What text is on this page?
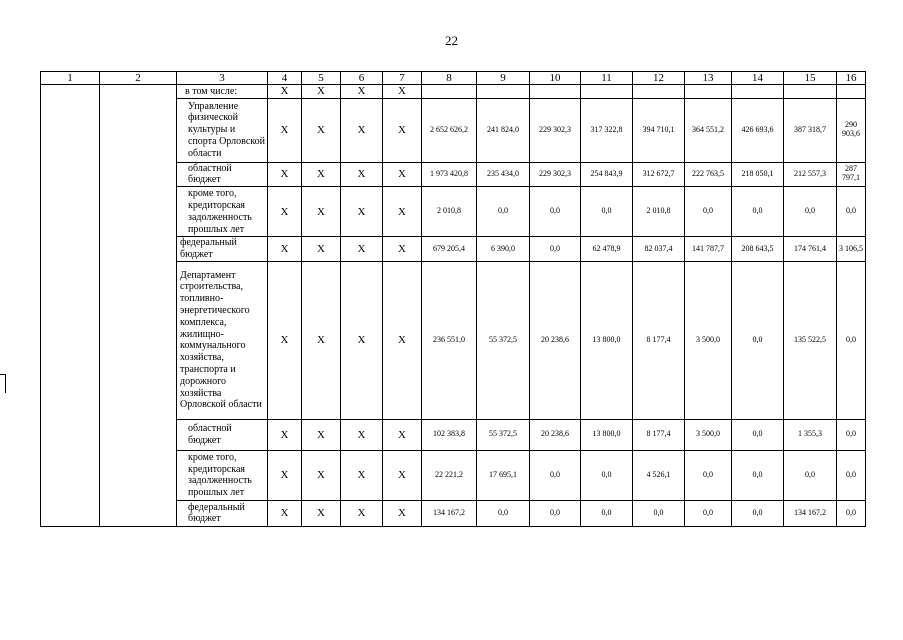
22
1	2	3	4	5	6	7	8	9	10	11	12	13	14	15	16
		в том числе:	X	X	X	X									
		Управление физической культуры и спорта Орловской области	X	X	X	X	2 652 626,2	241 824,0	229 302,3	317 322,8	394 710,1	364 551,2	426 693,6	387 318,7	290 903,6
		областной бюджет	X	X	X	X	1 973 420,8	235 434,0	229 302,3	254 843,9	312 672,7	222 763,5	218 050,1	212 557,3	287 797,1
		кроме того, кредиторская задолженность прошлых лет	X	X	X	X	2 010,8	0,0	0,0	0,0	2 010,8	0,0	0,0	0,0	0,0
		федеральный бюджет	X	X	X	X	679 205,4	6 390,0	0,0	62 478,9	82 037,4	141 787,7	208 643,5	174 761,4	3 106,5
		Департамент строительства, топливно-энергетического комплекса, жилищно-коммунального хозяйства, транспорта и дорожного хозяйства Орловской области	X	X	X	X	236 551,0	55 372,5	20 238,6	13 800,0	8 177,4	3 500,0	0,0	135 522,5	0,0
		областной бюджет	X	X	X	X	102 383,8	55 372,5	20 238,6	13 800,0	8 177,4	3 500,0	0,0	1 355,3	0,0
		кроме того, кредиторская задолженность прошлых лет	X	X	X	X	22 221,2	17 695,1	0,0	0,0	4 526,1	0,0	0,0	0,0	0,0
		федеральный бюджет	X	X	X	X	134 167,2	0,0	0,0	0,0	0,0	0,0	0,0	134 167,2	0,0
